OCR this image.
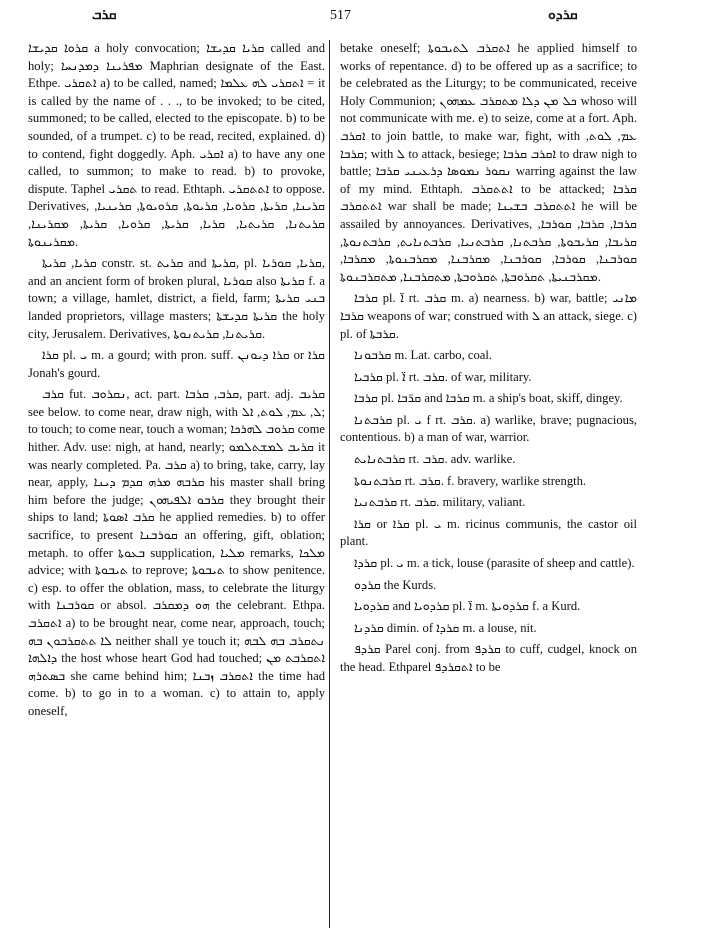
ܩܪܒ	517	ܩܪܕܘ

ܩܪܘܐ ܩܕܝܫܐ a holy convocation; ܩܪܝܐ ܩܕܝܫܐ called and holy; ܡܦܪܝܢܐ ܕܡܕܢܚܐ Maphrian designate of the East. Ethpe. ܐܬܩܪܝ a) to be called, named; ܐܬܩܪܝ ܠܗ ܥܠܡܐ = it is called by the name of . . ., to be invoked; to be cited, summoned; to be called, elected to the episcopate. b) to be sounded, of a trumpet. c) to be read, recited, explained. d) to contend, fight doggedly. Aph. ܐܩܪܝ a) to have any one called, to summon; to make to read. b) to provoke, dispute. Taphel ܬܩܪܝ to read. Ethtaph. ܐܬܬܩܪܝ to oppose. Derivatives, ܩܪܝܢܐ, ܩܪܝܬܐ, ܩܪܘܝܐ, ܩܪܝܘܬܐ, ܩܪܘܝܘܬܐ, ܩܪܝܢܝܐ, ܩܪܝܬܢܐ, ܩܪܝܬܝܐ, ܩܪܝܐ, ܩܪܝܬܐ, ܩܪܘܝܐ, ܩܪܝܬܐ, ܡܩܪܝܢܐ, ܡܩܪܝܢܘܬܐ.

ܩܪܝܐ, ܩܪܝܬܐ constr. st. ܩܪܝܬ and ܩܪܝܬܐ, pl. ܩܪܝܐ, ܩܘܪܝܐ, and an ancient form of broken plural, ܩܘܪܝܐ also ܩܪܝܬܐ f. a town; a village, hamlet, district, a field, farm; ܒܢܝ ܩܪܝܬܐ landed proprietors, village masters; ܩܪܝܬܐ ܩܕܝܫܬܐ the holy city, Jerusalem. Derivatives, ܩܪܝܬܢܐ, ܩܪܝܬܢܘܬܐ.

ܩܪܐ pl. ܝ m. a gourd; with pron. suff. ܩܪܐ ܕܝܘܢܢ or ܩܪܐ Jonah's gourd.

ܩܪܒ fut. ܢܩܪܘܒ, act. part. ܩܪܒ, ܩܪܒܐ, part. adj. ܩܪܝܒ see below. to come near, draw nigh, with ܠ, ܥܡ, ܠܘܬ, ܐܠ; to touch; to come near, touch a woman; ܩܪܘܒ ܠܗܪܟܐ come hither. Adv. use: nigh, at hand, nearly; ܩܪܝܒ ܠܡܫܬܠܡܘ it was nearly completed. Pa. ܩܪܒ a) to bring, take, carry, lay near, apply, ܩܪܒܗ ܡܪܗ ܩܕܡ ܕܝܢܐ his master shall bring him before the judge; ܩܪܒܘ ܐܠܦܝܗܘܢ they brought their ships to land; ܩܪܒ ܐܣܘܬܐ he applied remedies. b) to offer sacrifice, to present ܩܘܪܒܢܐ an offering, gift, oblation; metaph. to offer ܒܥܘܬܐ supplication, ܡܠܝܐ remarks, ܡܠܟܐ advice; with ܬܝܒܘܬܐ to reprove; ܬܝܒܘܬܐ to show penitence. c) esp. to offer the oblation, mass, to celebrate the liturgy with ܩܘܪܒܢܐ or absol. ܗܘ ܕܡܩܪܒ the celebrant. Ethpa. ܐܬܩܪܒ a) to be brought near, come near, approach, touch; ܠܐ ܬܬܩܪܒܘܢ ܒܗ neither shall ye touch it; ܢܬܩܪܒ ܒܗ ܠܒܗ ܕܐܠܗܐ the host whose heart God had touched; ܐܬܩܪܒܬ ܡܢ ܒܣܬܪܗ she came behind him; ܐܬܩܪܒ ܙܒܢܐ the time had come. b) to go in to a woman. c) to attain to, apply oneself,

betake oneself; ܐܬܩܪܒ ܠܬܝܒܘܬܐ he applied himself to works of repentance. d) to be offered up as a sacrifice; to be celebrated as the Liturgy; to be communicated, receive Holy Communion; ܟܠ ܡܢ ܕܠܐ ܡܬܩܪܒ ܥܡܗܘܢ whoso will not communicate with me. e) to seize, come at a fort. Aph. ܐܩܪܒ to join battle, to make war, fight, with ܥܡ, ܠܘܬ, ܩܪܒܐ; with ܠ to attack, besiege; ܐܩܪܒ ܩܪܒܐ to draw nigh to battle; ܢܩܘܪ ܢܡܘܣܐ ܕܪܥܝܢܝ ܩܪܒܐ warring against the law of my mind. Ethtaph. ܐܬܬܩܪܒ to be attacked; ܩܪܒܐ ܐܬܬܩܪܒ war shall be made; ܐܬܬܩܪܒ ܒܫܝܢܐ he will be assailed by annoyances. Derivatives, ܩܪܒܐ, ܩܪܒܐ, ܩܘܪܒܐ, ܩܪܝܒܐ, ܩܪܝܒܘܬܐ, ܩܪܒܬܢܐ, ܩܪܒܬܢܝܐ, ܩܪܒܬܢܐܝܬ, ܩܪܒܬܢܘܬܐ, ܩܘܪܒܢܐ, ܩܘܪܒܐ, ܩܘܪܒܢܐ, ܡܩܪܒܢܐ, ܡܩܪܒܢܘܬܐ, ܡܩܪܒܐ, ܡܩܪܒܢܝܬܐ, ܬܩܪܘܒܬܐ, ܬܩܪܘܒܬܐ, ܡܬܩܪܒܢܐ, ܡܬܩܪܒܢܘܬܐ.

ܩܪܒܐ pl. ܐ̈ rt. ܩܪܒ m. a) nearness. b) war, battle; ܡܐܢܝ ܩܪܒܐ weapons of war; construed with ܠ an attack, siege. c) pl. of ܩܪܒܬܐ.

ܩܪܒܘܢܐ m. Lat. carbo, coal.

ܩܪܒܝܐ pl. ܐ̈ rt. ܩܪܒ. of war, military.

ܩܪܒܐ pl. ܩܪ̈ܒܐ and ܩܪܒܐ m. a ship's boat, skiff, dingey.

ܩܪܒܬܢܐ pl. ܝ f rt. ܩܪܒ. a) warlike, brave; pugnacious, contentious. b) a man of war, warrior.

ܩܪܒܬܢܐܝܬ rt. ܩܪܒ. adv. warlike.

ܩܪܒܬܢܘܬܐ rt. ܩܪܒ. f. bravery, warlike strength.

ܩܪܒܬܢܝܐ rt. ܩܪܒ. military, valiant.

ܩܪܐ or ܩܪܐ pl. ܝ m. ricinus communis, the castor oil plant.

ܩܪܕܐ pl. ܝ m. a tick, louse (parasite of sheep and cattle).

ܩܪܕܘ the Kurds.

ܩܪܕܘܝܐ and ܩܪܕܘܝܐ pl. ܐ̈ m. ܩܪܕܘܝܬܐ f. a Kurd.

ܩܪܕܢܐ dimin. of ܩܪܕܐ m. a louse, nit.

ܩܪܕܦ Parel conj. from ܩܪܕܦ to cuff, cudgel, knock on the head. Ethparel ܐܬܩܪܕܦ to be
